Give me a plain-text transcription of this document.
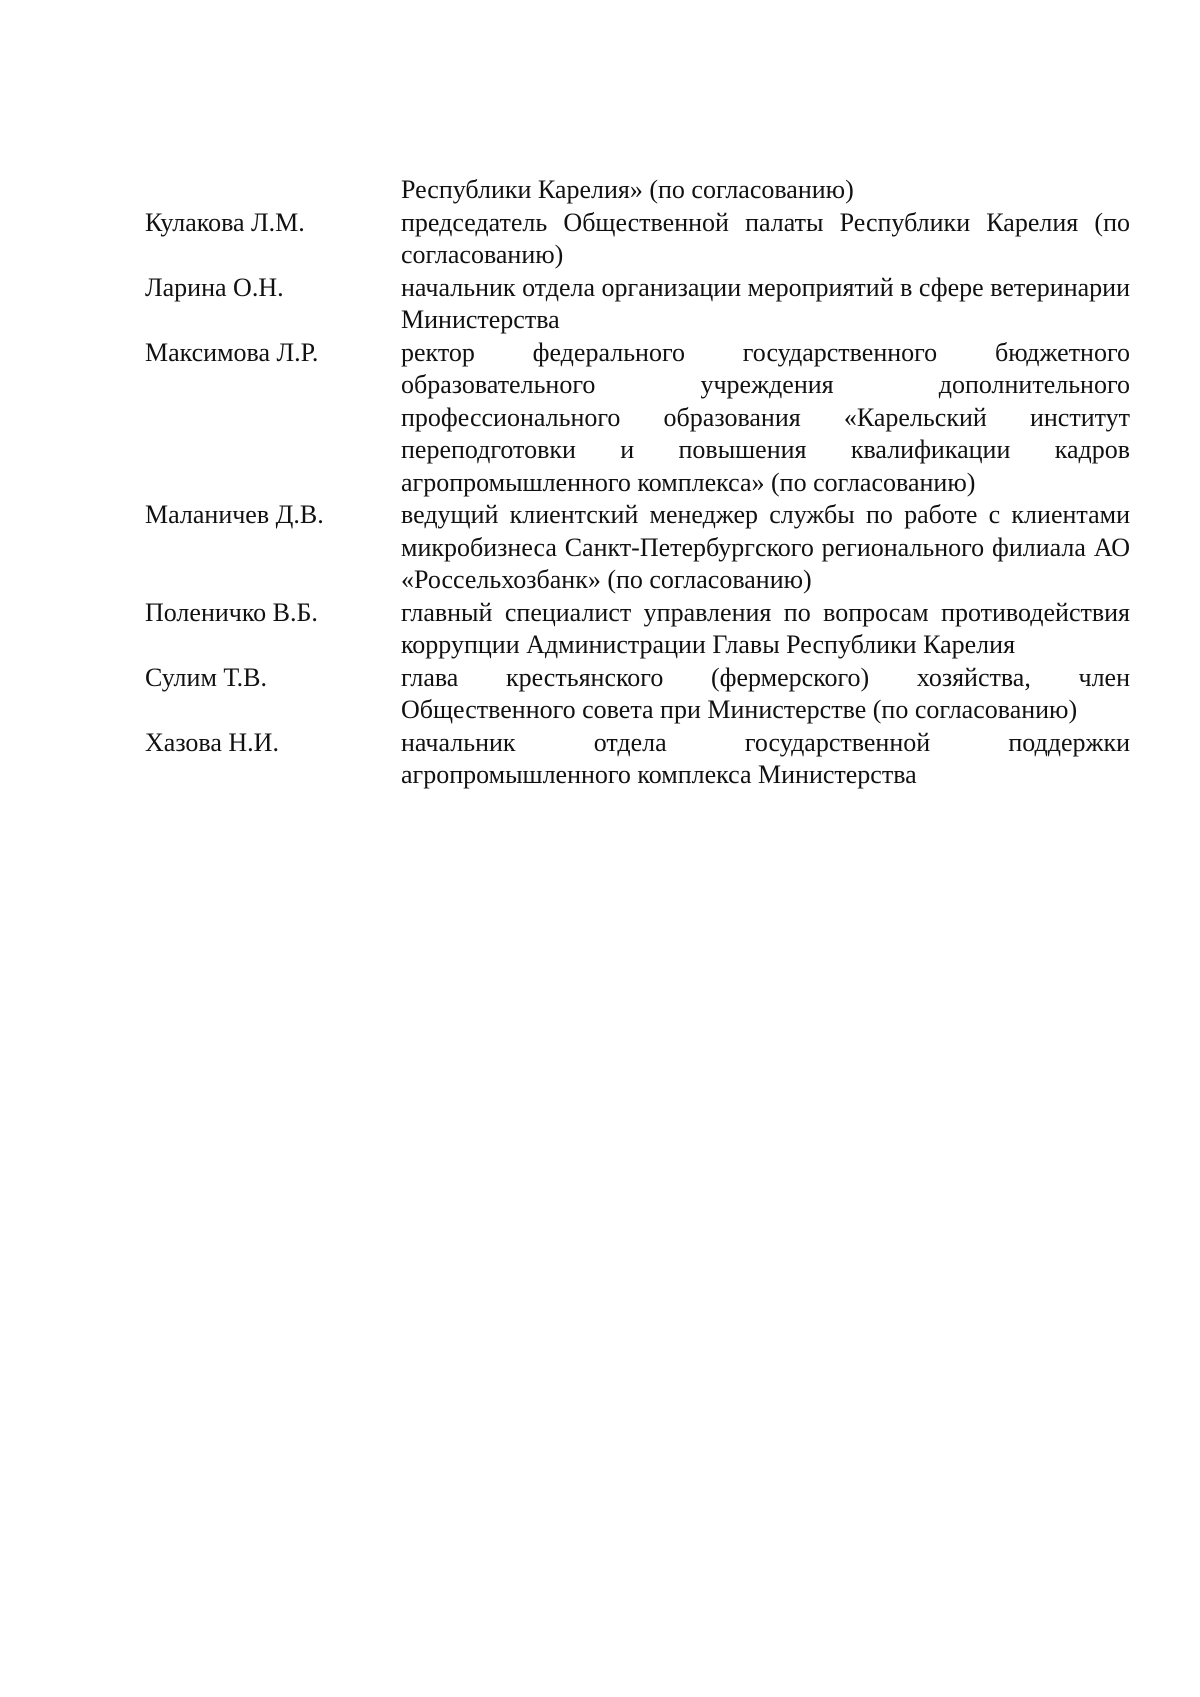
Республики Карелия» (по согласованию)
Кулакова Л.М.	председатель Общественной палаты Республики Карелия (по согласованию)
Ларина О.Н.	начальник отдела организации мероприятий в сфере ветеринарии Министерства
Максимова Л.Р.	ректор федерального государственного бюджетного образовательного учреждения дополнительного профессионального образования «Карельский институт переподготовки и повышения квалификации кадров агропромышленного комплекса» (по согласованию)
Маланичев Д.В.	ведущий клиентский менеджер службы по работе с клиентами микробизнеса Санкт-Петербургского регионального филиала АО «Россельхозбанк» (по согласованию)
Поленичко В.Б.	главный специалист управления по вопросам противодействия коррупции Администрации Главы Республики Карелия
Сулим Т.В.	глава крестьянского (фермерского) хозяйства, член Общественного совета при Министерстве (по согласованию)
Хазова Н.И.	начальник отдела государственной поддержки агропромышленного комплекса Министерства
